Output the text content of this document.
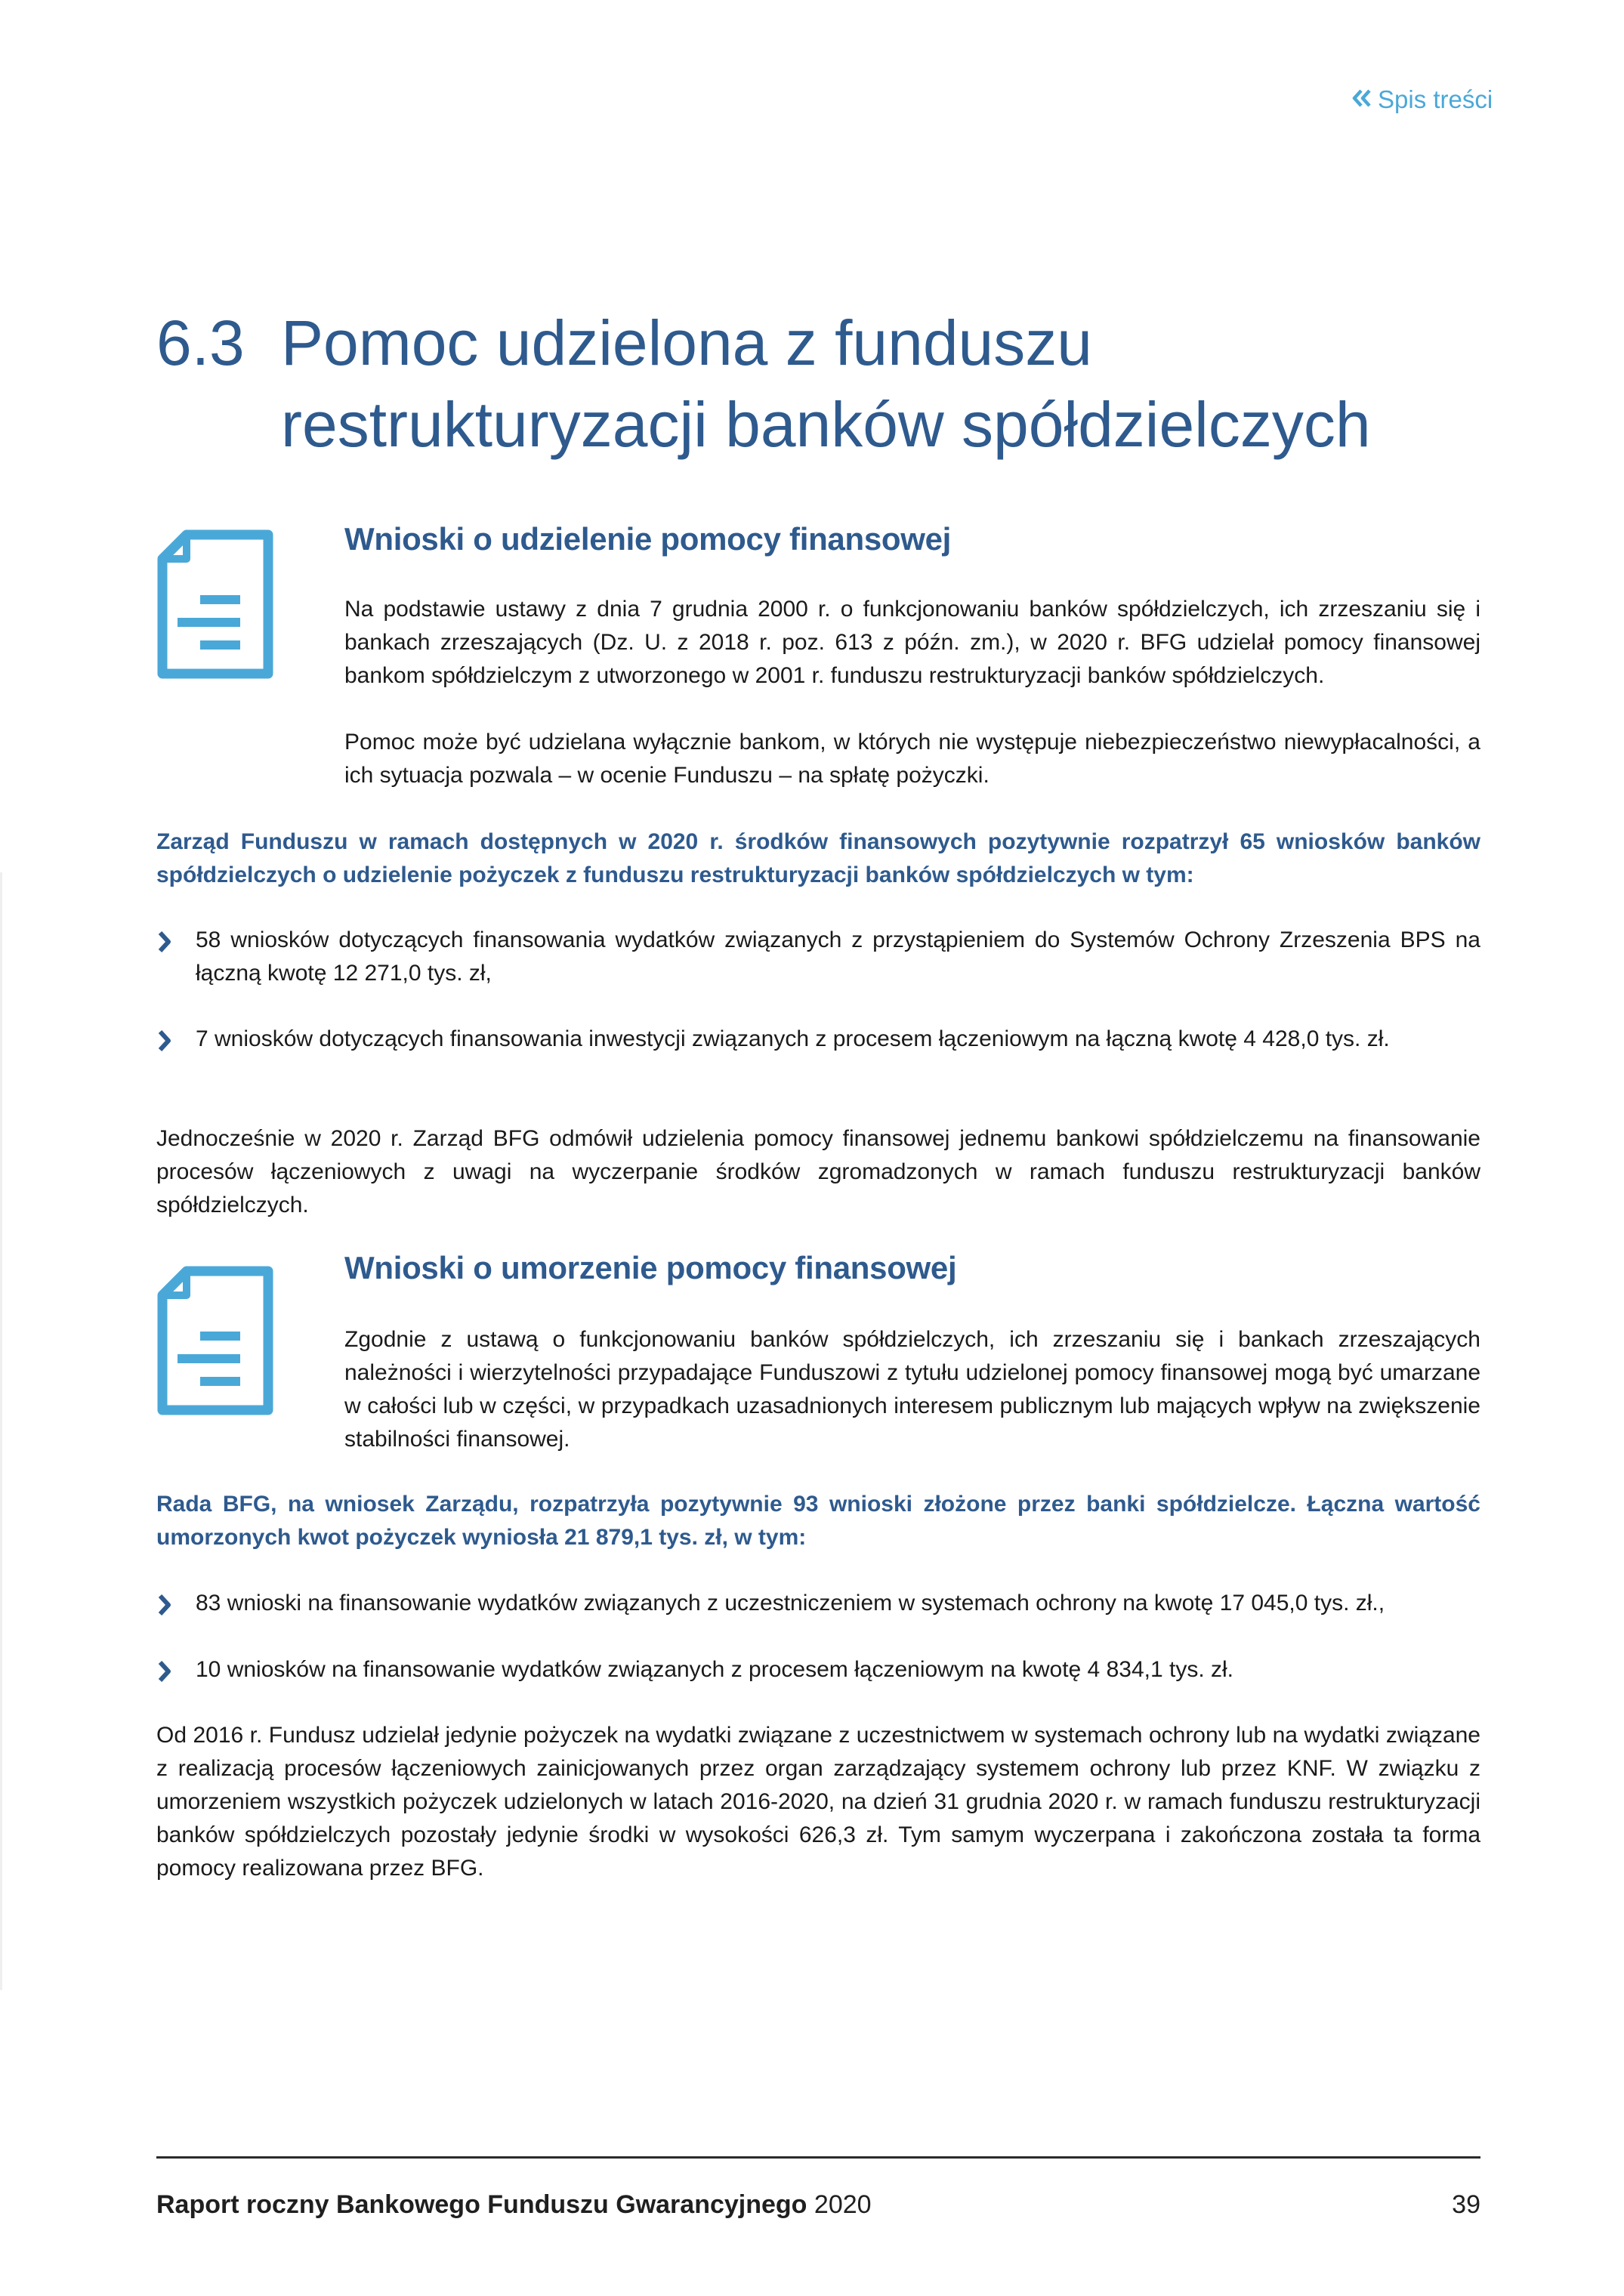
Spis treści
6.3 Pomoc udzielona z funduszu
restrukturyzacji banków spółdzielczych
Wnioski o udzielenie pomocy finansowej

Na podstawie ustawy z dnia 7 grudnia 2000 r. o funkcjonowaniu banków spółdzielczych, ich zrzeszaniu się i bankach zrzeszających (Dz. U. z 2018 r. poz. 613 z późn. zm.), w 2020 r. BFG udzielał pomocy finansowej bankom spółdzielczym z utworzonego w 2001 r. funduszu restrukturyzacji banków spółdzielczych.

Pomoc może być udzielana wyłącznie bankom, w których nie występuje niebezpieczeństwo niewypłacalności, a ich sytuacja pozwala – w ocenie Funduszu – na spłatę pożyczki.

Zarząd Funduszu w ramach dostępnych w 2020 r. środków finansowych pozytywnie rozpatrzył 65 wniosków banków spółdzielczych o udzielenie pożyczek z funduszu restrukturyzacji banków spółdzielczych w tym:

58 wniosków dotyczących finansowania wydatków związanych z przystąpieniem do Systemów Ochrony Zrzeszenia BPS na łączną kwotę 12 271,0 tys. zł,

7 wniosków dotyczących finansowania inwestycji związanych z procesem łączeniowym na łączną kwotę 4 428,0 tys. zł.

Jednocześnie w 2020 r. Zarząd BFG odmówił udzielenia pomocy finansowej jednemu bankowi spółdzielczemu na finansowanie procesów łączeniowych z uwagi na wyczerpanie środków zgromadzonych w ramach funduszu restrukturyzacji banków spółdzielczych.

Wnioski o umorzenie pomocy finansowej

Zgodnie z ustawą o funkcjonowaniu banków spółdzielczych, ich zrzeszaniu się i bankach zrzeszających należności i wierzytelności przypadające Funduszowi z tytułu udzielonej pomocy finansowej mogą być umarzane w całości lub w części, w przypadkach uzasadnionych interesem publicznym lub mających wpływ na zwiększenie stabilności finansowej.

Rada BFG, na wniosek Zarządu, rozpatrzyła pozytywnie 93 wnioski złożone przez banki spółdzielcze. Łączna wartość umorzonych kwot pożyczek wyniosła 21 879,1 tys. zł, w tym:

83 wnioski na finansowanie wydatków związanych z uczestniczeniem w systemach ochrony na kwotę 17 045,0 tys. zł.,

10 wniosków na finansowanie wydatków związanych z procesem łączeniowym na kwotę 4 834,1 tys. zł.

Od 2016 r. Fundusz udzielał jedynie pożyczek na wydatki związane z uczestnictwem w systemach ochrony lub na wydatki związane z realizacją procesów łączeniowych zainicjowanych przez organ zarządzający systemem ochrony lub przez KNF. W związku z umorzeniem wszystkich pożyczek udzielonych w latach 2016-2020, na dzień 31 grudnia 2020 r. w ramach funduszu restrukturyzacji banków spółdzielczych pozostały jedynie środki w wysokości 626,3 zł. Tym samym wyczerpana i zakończona została ta forma pomocy realizowana przez BFG.

Raport roczny Bankowego Funduszu Gwarancyjnego 2020	39
